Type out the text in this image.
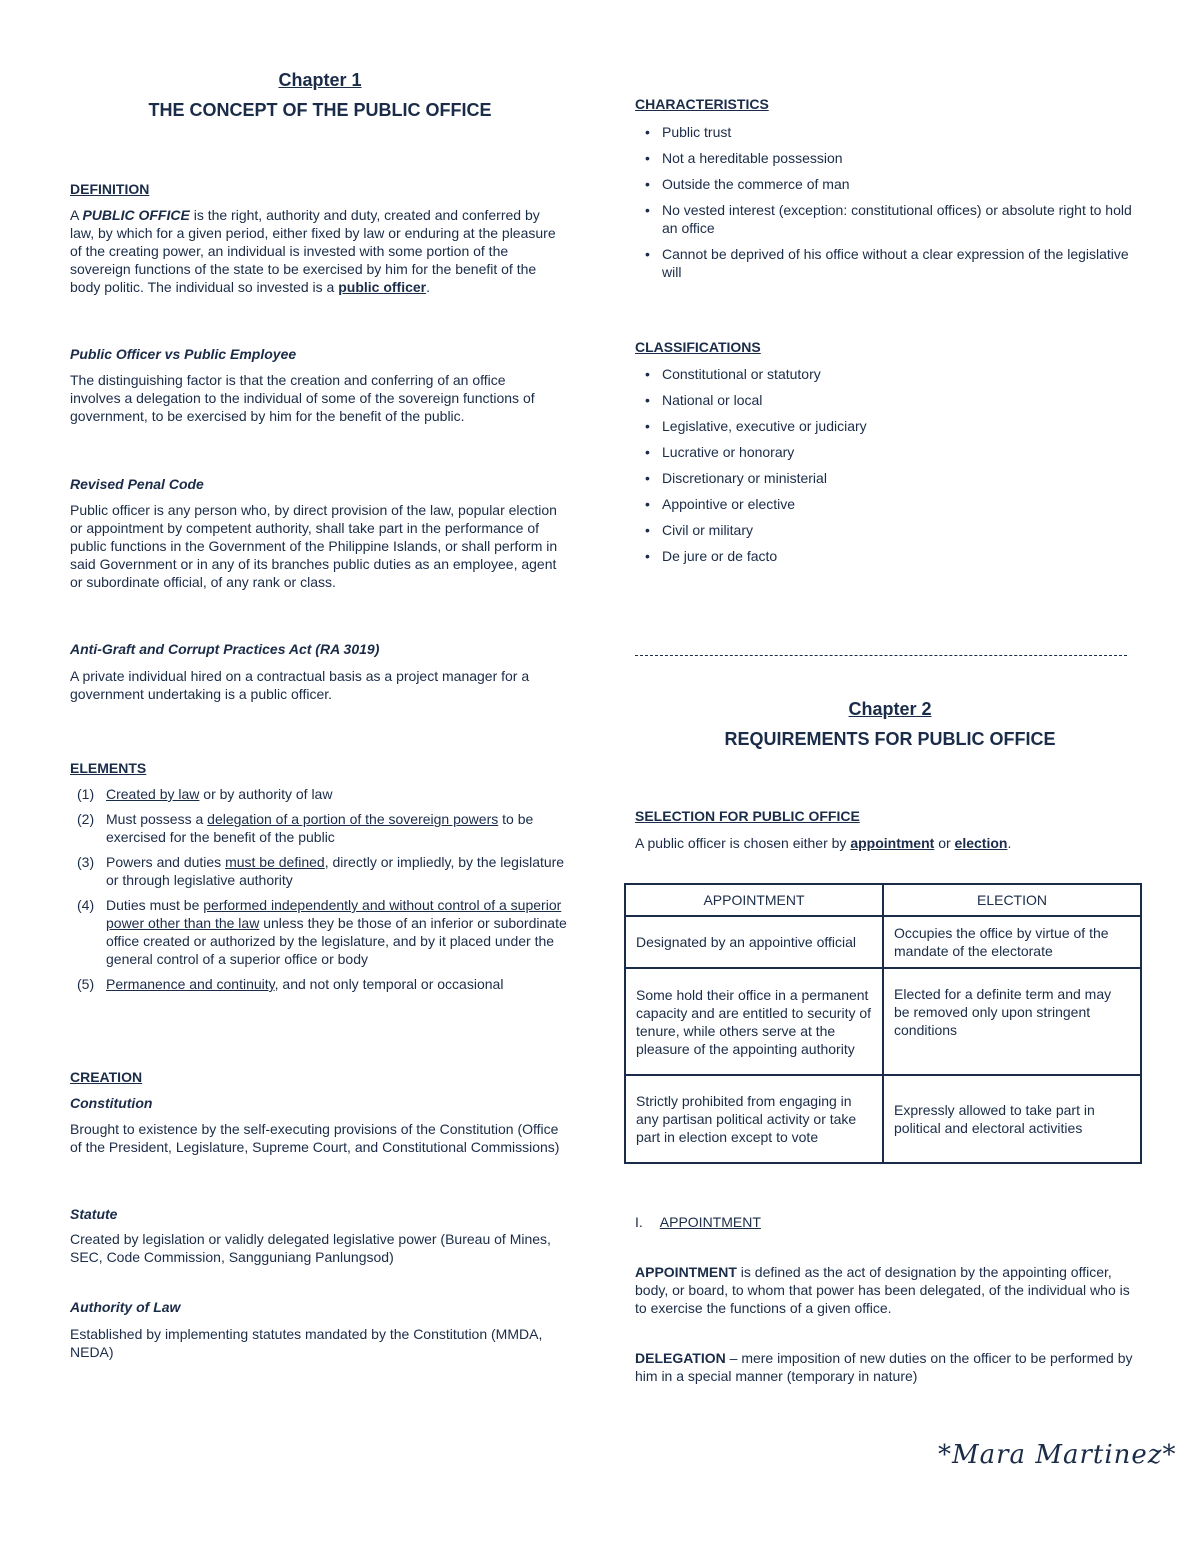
Chapter 1
THE CONCEPT OF THE PUBLIC OFFICE
DEFINITION
A PUBLIC OFFICE is the right, authority and duty, created and conferred by law, by which for a given period, either fixed by law or enduring at the pleasure of the creating power, an individual is invested with some portion of the sovereign functions of the state to be exercised by him for the benefit of the body politic. The individual so invested is a public officer.
Public Officer vs Public Employee
The distinguishing factor is that the creation and conferring of an office involves a delegation to the individual of some of the sovereign functions of government, to be exercised by him for the benefit of the public.
Revised Penal Code
Public officer is any person who, by direct provision of the law, popular election or appointment by competent authority, shall take part in the performance of public functions in the Government of the Philippine Islands, or shall perform in said Government or in any of its branches public duties as an employee, agent or subordinate official, of any rank or class.
Anti-Graft and Corrupt Practices Act (RA 3019)
A private individual hired on a contractual basis as a project manager for a government undertaking is a public officer.
ELEMENTS
(1) Created by law or by authority of law
(2) Must possess a delegation of a portion of the sovereign powers to be exercised for the benefit of the public
(3) Powers and duties must be defined, directly or impliedly, by the legislature or through legislative authority
(4) Duties must be performed independently and without control of a superior power other than the law unless they be those of an inferior or subordinate office created or authorized by the legislature, and by it placed under the general control of a superior office or body
(5) Permanence and continuity, and not only temporal or occasional
CREATION
Constitution
Brought to existence by the self-executing provisions of the Constitution (Office of the President, Legislature, Supreme Court, and Constitutional Commissions)
Statute
Created by legislation or validly delegated legislative power (Bureau of Mines, SEC, Code Commission, Sangguniang Panlungsod)
Authority of Law
Established by implementing statutes mandated by the Constitution (MMDA, NEDA)
CHARACTERISTICS
• Public trust
• Not a hereditable possession
• Outside the commerce of man
• No vested interest (exception: constitutional offices) or absolute right to hold an office
• Cannot be deprived of his office without a clear expression of the legislative will
CLASSIFICATIONS
• Constitutional or statutory
• National or local
• Legislative, executive or judiciary
• Lucrative or honorary
• Discretionary or ministerial
• Appointive or elective
• Civil or military
• De jure or de facto
Chapter 2
REQUIREMENTS FOR PUBLIC OFFICE
SELECTION FOR PUBLIC OFFICE
A public officer is chosen either by appointment or election.
I. APPOINTMENT
APPOINTMENT is defined as the act of designation by the appointing officer, body, or board, to whom that power has been delegated, of the individual who is to exercise the functions of a given office.
DELEGATION – mere imposition of new duties on the officer to be performed by him in a special manner (temporary in nature)
APPOINTMENT	ELECTION
Designated by an appointive official	Occupies the office by virtue of the mandate of the electorate
Some hold their office in a permanent capacity and are entitled to security of tenure, while others serve at the pleasure of the appointing authority	Elected for a definite term and may be removed only upon stringent conditions
Strictly prohibited from engaging in any partisan political activity or take part in election except to vote	Expressly allowed to take part in political and electoral activities
*Mara Martinez*
